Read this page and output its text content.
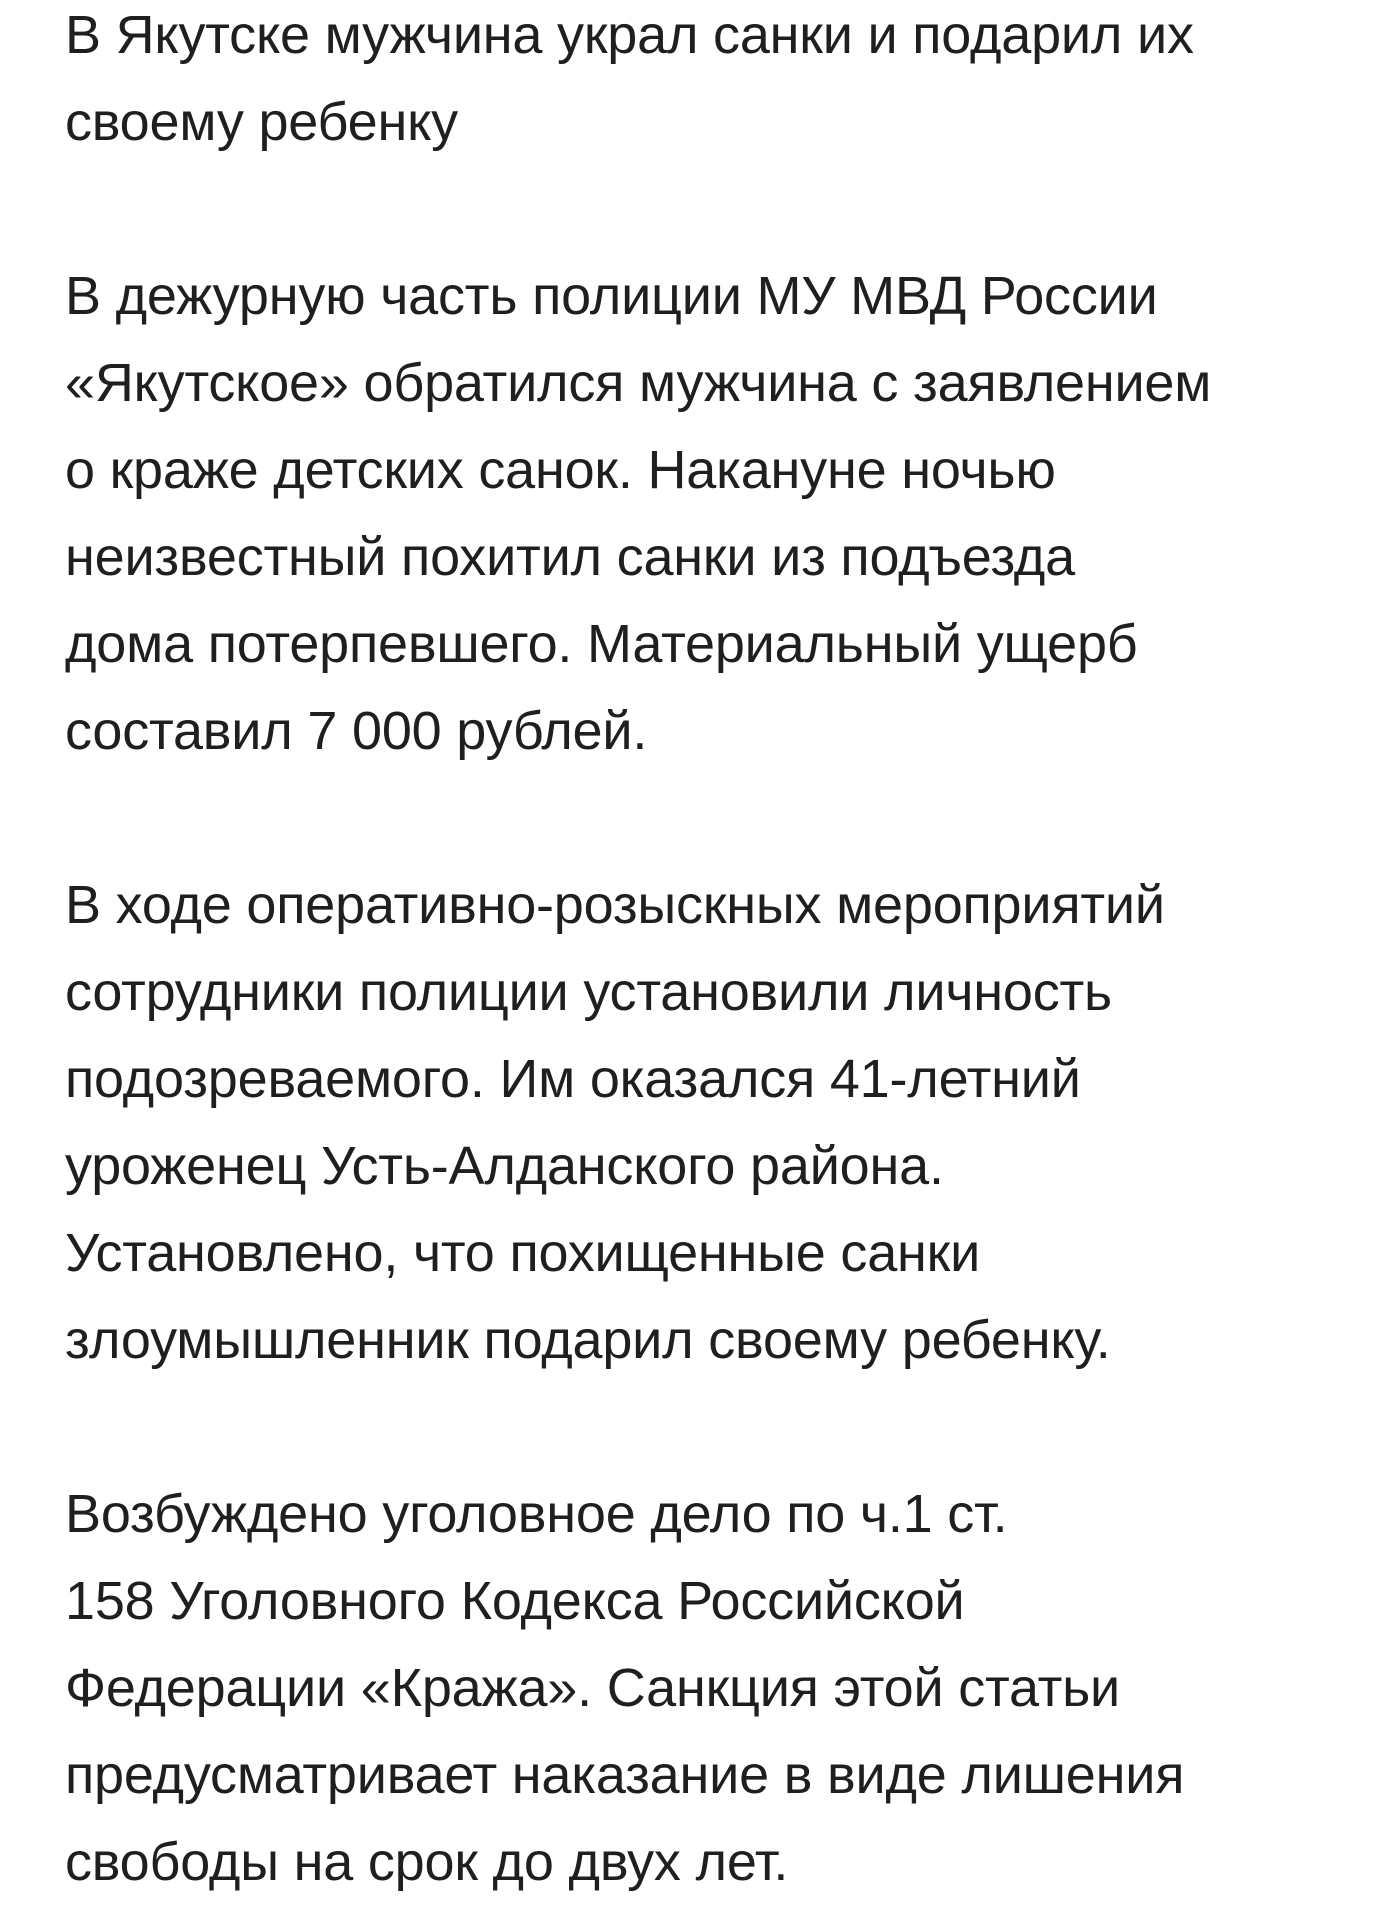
В Якутске мужчина украл санки и подарил их
своему ребенку

В дежурную часть полиции МУ МВД России
«Якутское» обратился мужчина с заявлением
о краже детских санок. Накануне ночью
неизвестный похитил санки из подъезда
дома потерпевшего. Материальный ущерб
составил 7 000 рублей.

В ходе оперативно-розыскных мероприятий
сотрудники полиции установили личность
подозреваемого. Им оказался 41-летний
уроженец Усть-Алданского района.
Установлено, что похищенные санки
злоумышленник подарил своему ребенку.

Возбуждено уголовное дело по ч.1 ст.
158 Уголовного Кодекса Российской
Федерации «Кража». Санкция этой статьи
предусматривает наказание в виде лишения
свободы на срок до двух лет.
